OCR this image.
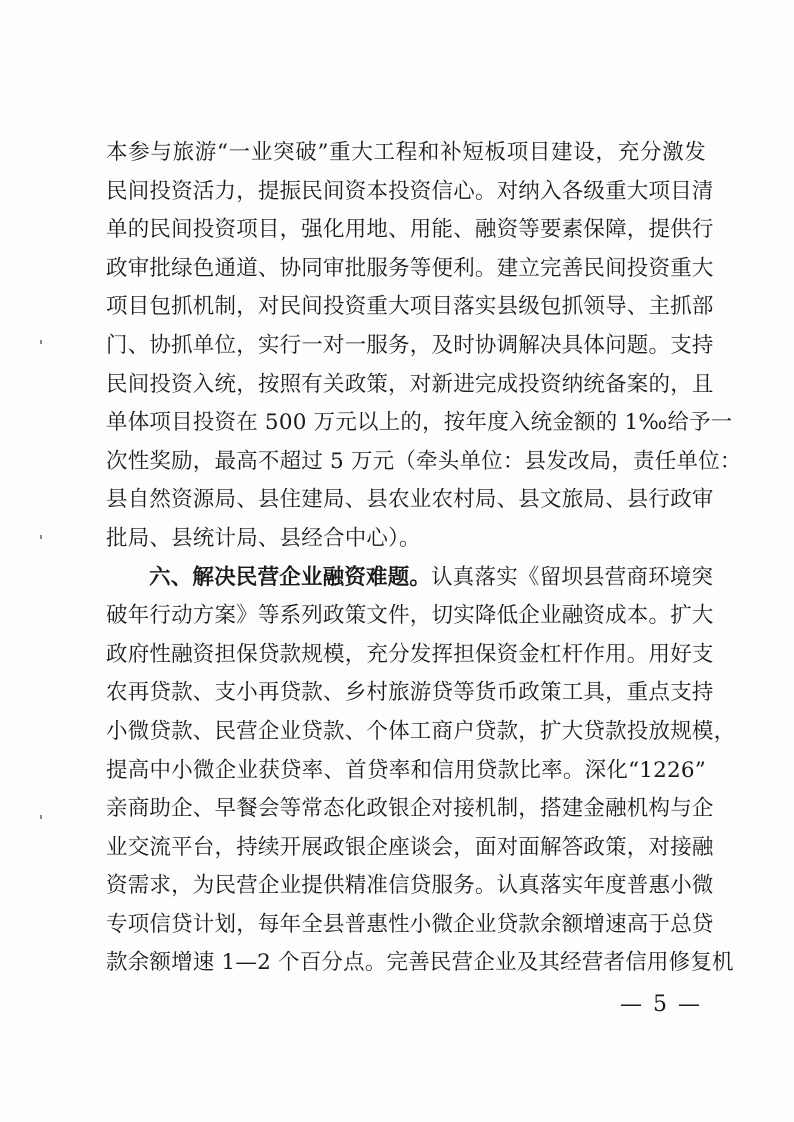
本参与旅游“一业突破”重大工程和补短板项目建设，充分激发
民间投资活力，提振民间资本投资信心。对纳入各级重大项目清
单的民间投资项目，强化用地、用能、融资等要素保障，提供行
政审批绿色通道、协同审批服务等便利。建立完善民间投资重大
项目包抓机制，对民间投资重大项目落实县级包抓领导、主抓部
门、协抓单位，实行一对一服务，及时协调解决具体问题。支持
民间投资入统，按照有关政策，对新进完成投资纳统备案的，且
单体项目投资在 500 万元以上的，按年度入统金额的 1‰给予一
次性奖励，最高不超过 5 万元（牵头单位：县发改局，责任单位：
县自然资源局、县住建局、县农业农村局、县文旅局、县行政审
批局、县统计局、县经合中心）。
六、解决民营企业融资难题。认真落实《留坝县营商环境突
破年行动方案》等系列政策文件，切实降低企业融资成本。扩大
政府性融资担保贷款规模，充分发挥担保资金杠杆作用。用好支
农再贷款、支小再贷款、乡村旅游贷等货币政策工具，重点支持
小微贷款、民营企业贷款、个体工商户贷款，扩大贷款投放规模，
提高中小微企业获贷率、首贷率和信用贷款比率。深化“1226”
亲商助企、早餐会等常态化政银企对接机制，搭建金融机构与企
业交流平台，持续开展政银企座谈会，面对面解答政策，对接融
资需求，为民营企业提供精准信贷服务。认真落实年度普惠小微
专项信贷计划，每年全县普惠性小微企业贷款余额增速高于总贷
款余额增速 1—2 个百分点。完善民营企业及其经营者信用修复机
— 5 —
